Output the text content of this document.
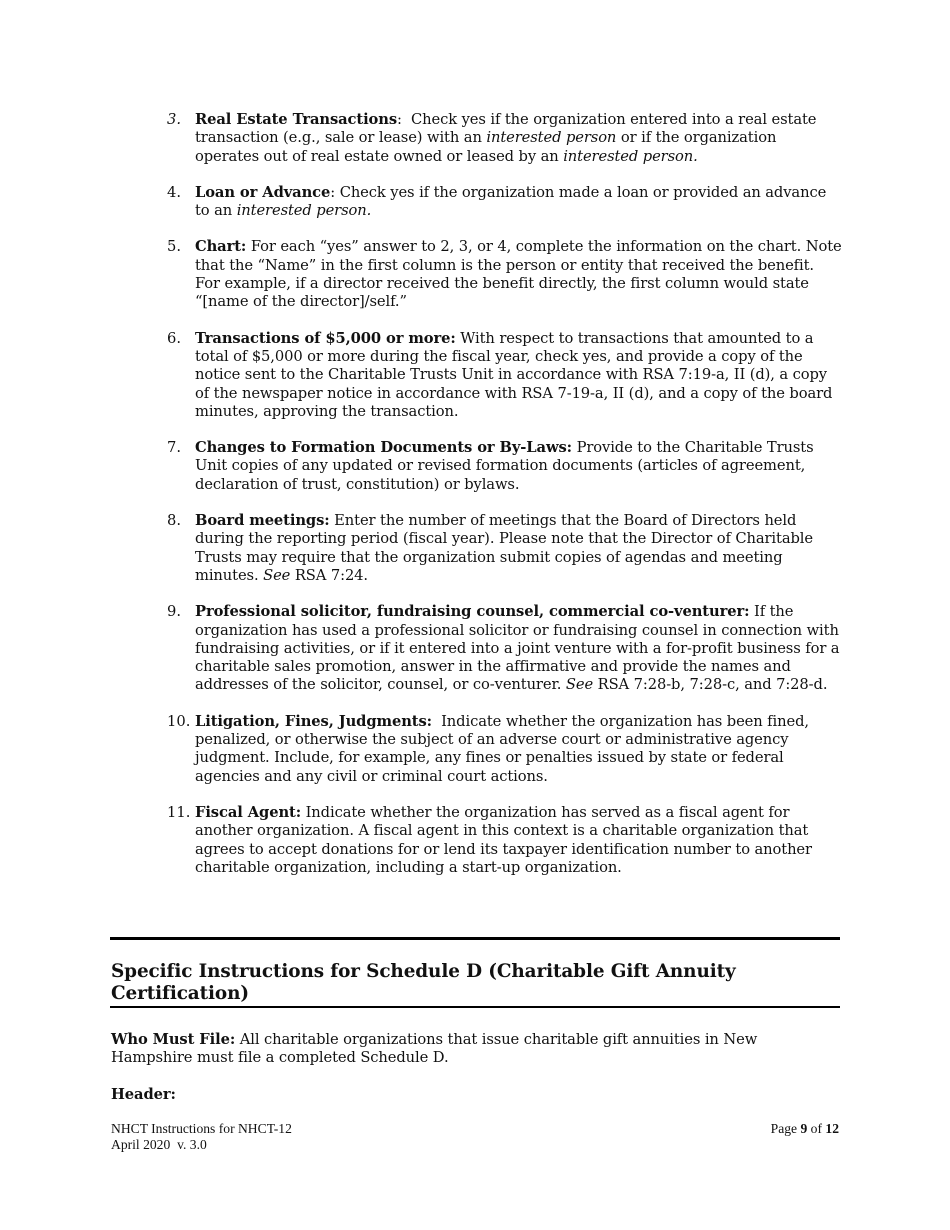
3. Real Estate Transactions:  Check yes if the organization entered into a real estate transaction (e.g., sale or lease) with an interested person or if the organization operates out of real estate owned or leased by an interested person.
4. Loan or Advance: Check yes if the organization made a loan or provided an advance to an interested person.
5. Chart: For each “yes” answer to 2, 3, or 4, complete the information on the chart. Note that the “Name” in the first column is the person or entity that received the benefit. For example, if a director received the benefit directly, the first column would state “[name of the director]/self.”
6. Transactions of $5,000 or more: With respect to transactions that amounted to a total of $5,000 or more during the fiscal year, check yes, and provide a copy of the notice sent to the Charitable Trusts Unit in accordance with RSA 7:19-a, II (d), a copy of the newspaper notice in accordance with RSA 7-19-a, II (d), and a copy of the board minutes, approving the transaction.
7. Changes to Formation Documents or By-Laws: Provide to the Charitable Trusts Unit copies of any updated or revised formation documents (articles of agreement, declaration of trust, constitution) or bylaws.
8. Board meetings: Enter the number of meetings that the Board of Directors held during the reporting period (fiscal year). Please note that the Director of Charitable Trusts may require that the organization submit copies of agendas and meeting minutes. See RSA 7:24.
9. Professional solicitor, fundraising counsel, commercial co-venturer: If the organization has used a professional solicitor or fundraising counsel in connection with fundraising activities, or if it entered into a joint venture with a for-profit business for a charitable sales promotion, answer in the affirmative and provide the names and addresses of the solicitor, counsel, or co-venturer. See RSA 7:28-b, 7:28-c, and 7:28-d.
10. Litigation, Fines, Judgments: Indicate whether the organization has been fined, penalized, or otherwise the subject of an adverse court or administrative agency judgment. Include, for example, any fines or penalties issued by state or federal agencies and any civil or criminal court actions.
11. Fiscal Agent: Indicate whether the organization has served as a fiscal agent for another organization. A fiscal agent in this context is a charitable organization that agrees to accept donations for or lend its taxpayer identification number to another charitable organization, including a start-up organization.
Specific Instructions for Schedule D (Charitable Gift Annuity Certification)
Who Must File: All charitable organizations that issue charitable gift annuities in New Hampshire must file a completed Schedule D.
Header:
NHCT Instructions for NHCT-12
April 2020  v. 3.0
Page 9 of 12
